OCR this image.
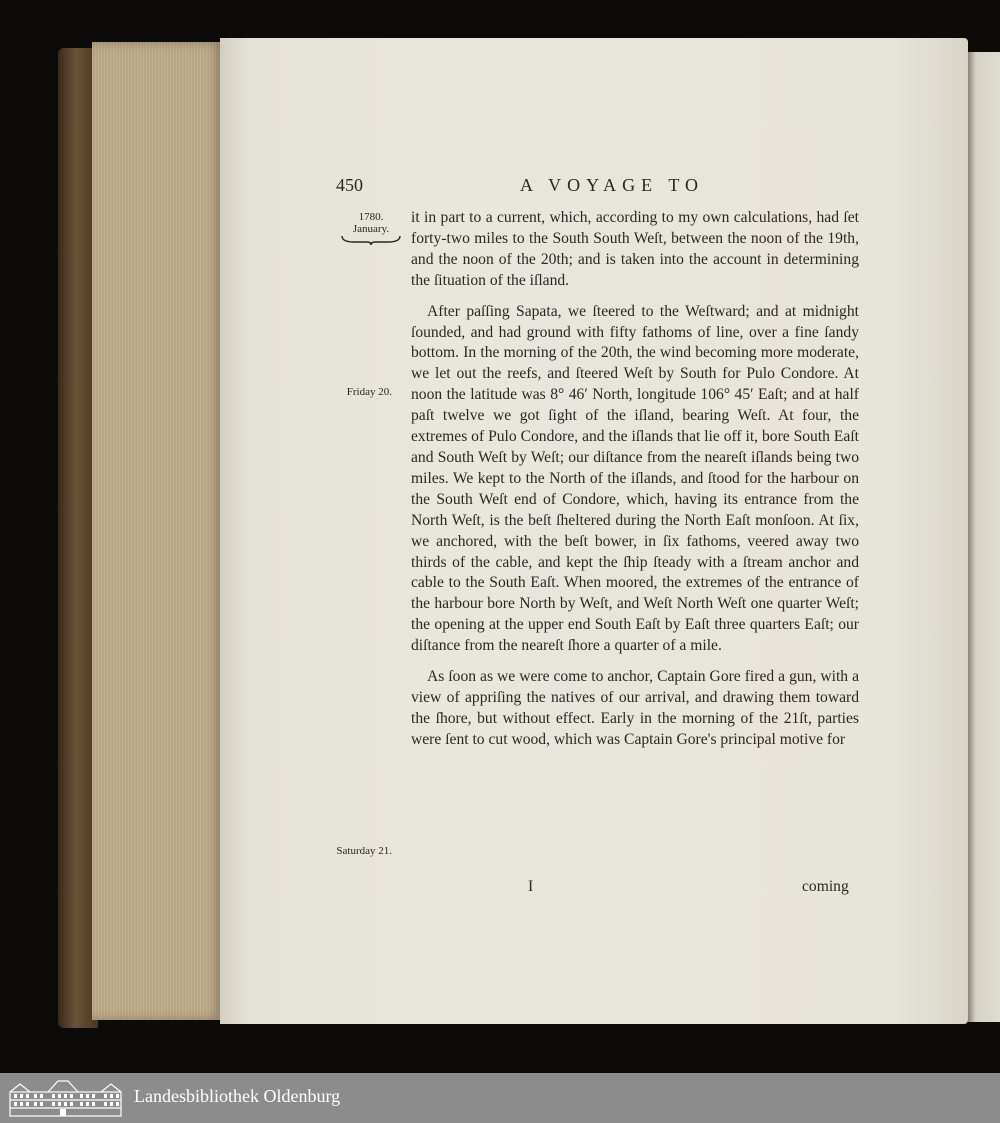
450	A VOYAGE TO
1780.
January.
Friday 20.
Saturday 21.

it in part to a current, which, according to my own calculations, had ſet forty-two miles to the South South Weſt, between the noon of the 19th, and the noon of the 20th; and is taken into the account in determining the ſituation of the iſland.

After paſſing Sapata, we ſteered to the Weſtward; and at midnight ſounded, and had ground with fifty fathoms of line, over a fine ſandy bottom. In the morning of the 20th, the wind becoming more moderate, we let out the reefs, and ſteered Weſt by South for Pulo Condore. At noon the latitude was 8° 46′ North, longitude 106° 45′ Eaſt; and at half paſt twelve we got ſight of the iſland, bearing Weſt. At four, the extremes of Pulo Condore, and the iſlands that lie off it, bore South Eaſt and South Weſt by Weſt; our diſtance from the neareſt iſlands being two miles. We kept to the North of the iſlands, and ſtood for the harbour on the South Weſt end of Condore, which, having its entrance from the North Weſt, is the beſt ſheltered during the North Eaſt monſoon. At ſix, we anchored, with the beſt bower, in ſix fathoms, veered away two thirds of the cable, and kept the ſhip ſteady with a ſtream anchor and cable to the South Eaſt. When moored, the extremes of the entrance of the harbour bore North by Weſt, and Weſt North Weſt one quarter Weſt; the opening at the upper end South Eaſt by Eaſt three quarters Eaſt; our diſtance from the neareſt ſhore a quarter of a mile.

As ſoon as we were come to anchor, Captain Gore fired a gun, with a view of appriſing the natives of our arrival, and drawing them toward the ſhore, but without effect. Early in the morning of the 21ſt, parties were ſent to cut wood, which was Captain Gore's principal motive for

I	coming
Landesbibliothek Oldenburg
